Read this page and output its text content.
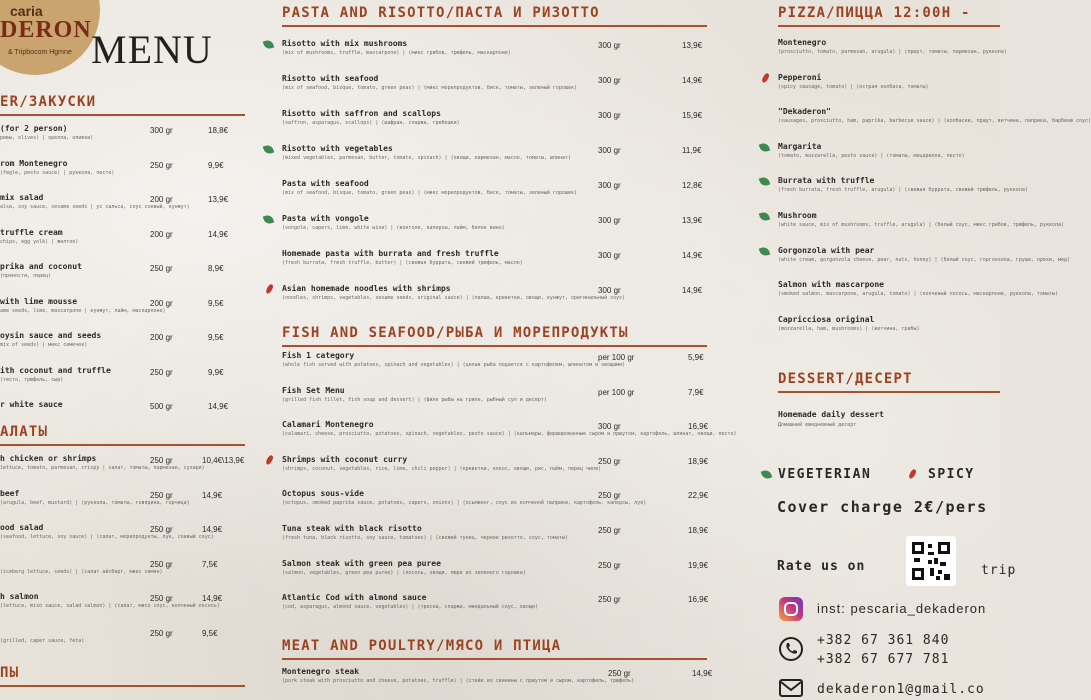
caria
DERON
& Tripbocom Hgmne MENU
ER/ЗАКУСКИ
(for 2 person)
ривы, olives) | орелла, оливки)
300 gr	18,8€
rom Montenegro
(fegle, pesto sauce) | руккола, песто)
250 gr	9,9€
mix salad
alsa, soy sauce, sesame seeds | ус сальса, соус соевый, кунжут)
200 gr	13,9€
truffle cream
chips, egg yolk) | желток)
200 gr	14,9€
prika and coconut
(пряности, перец)
250 gr	8,9€
with lime mousse
ame seeds, lime, mascarpone | кунжут, лайм, маскарпоне)
200 gr	9,5€
oysin sauce and seeds
mix of seeds) | микс семечек)
200 gr	9,5€
ith coconut and truffle
(тесто, трюфель, сыр)
250 gr	9,9€
r white sauce	500 gr	14,9€
АЛАТЫ
h chicken or shrimps
lettuce, tomato, parmesan, crispy | салат, томаты, пармезан, сухари)
250 gr	10,4€\13,9€
beef
(arugula, beef, mustard) | (руккола, томаты, говядина, горчица)
250 gr	14,9€
ood salad
(seafood, lettuce, soy sauce) | (салат, морепродукты, лук, соевый соус)
250 gr	14,9€
(iceberg lettuce, seeds) | (салат айсберг, микс семян)
250 gr	7,5€
h salmon
(lettuce, miso sauce, salad salmon) | (салат, мисо соус, копченый лосось)
250 gr	14,9€
(grilled, caper sauce, feta)
250 gr	9,5€
ПЫ
PASTA AND RISOTTO/ПАСТА И РИЗОТТО
Risotto with mix mushrooms
(mix of mushrooms, truffle, mascarpone) | (микс грибов, трюфель, маскарпоне)
300 gr	13,9€
Risotto with seafood
(mix of seafood, bisque, tomato, green peas) | (микс морепродуктов, биск, томаты, зеленый горошек)
300 gr	14,9€
Risotto with saffron and scallops
(saffron, asparagus, scallops) | (шафран, спаржа, гребешки)
300 gr	15,9€
Risotto with vegetables
(mixed vegetables, parmesan, butter, tomato, spinach) | (овощи, пармезан, масло, томаты, шпинат)
300 gr	11,9€
Pasta with seafood
(mix of seafood, bisque, tomato, green peas) | (микс морепродуктов, биск, томаты, зеленый горошек)
300 gr	12,8€
Pasta with vongole
(vongole, capers, lime, white wine) | (вонголе, каперсы, лайм, белое вино)
300 gr	13,9€
Homemade pasta with burrata and fresh truffle
(fresh burrata, fresh truffle, butter) | (свежая буррата, свежий трюфель, масло)
300 gr	14,9€
Asian homemade noodles with shrimps
(noodles, shrimps, vegetables, sesame seeds, original sauce) | (лапша, креветки, овощи, кунжут, оригинальный соус)
300 gr	14,9€
FISH AND SEAFOOD/РЫБА И МОРЕПРОДУКТЫ
Fish 1 category
(whole fish served with potatoes, spinach and vegetables) | (целая рыба подается с картофелем, шпинатом и овощами)
per 100 gr	5,9€
Fish Set Menu
(grilled fish fillet, fish soup and dessert) | (филе рыбы на гриле, рыбный суп и десерт)
per 100 gr	7,9€
Calamari Montenegro
(calamari, cheese, prosciutto, potatoes, spinach, vegetables, pesto sauce) | (кальмары, фаршированные сыром и пршутом, картофель, шпинат, овощи, песто)
300 gr	16,9€
Shrimps with coconut curry
(shrimps, coconut, vegetables, rice, lime, chili pepper) | (креветки, кокос, овощи, рис, лайм, перец чили)
250 gr	18,9€
Octopus sous-vide
(octopus, smoked paprika sauce, potatoes, capers, onions) | (осьминог, соус из копченой паприки, картофель, каперсы, лук)
250 gr	22,9€
Tuna steak with black risotto
(fresh tuna, black risotto, soy sauce, tomatoes) | (свежий тунец, черное ризотто, соус, томаты)
250 gr	18,9€
Salmon steak with green pea puree
(salmon, vegetables, green pea puree) | (лосось, овощи, пюре из зеленого горошка)
250 gr	19,9€
Atlantic Cod with almond sauce
(cod, asparagus, almond sauce, vegetables) | (треска, спаржа, миндальный соус, овощи)
250 gr	16,9€
MEAT AND POULTRY/МЯСО И ПТИЦА
Montenegro steak
(pork steak with prosciutto and cheese, potatoes, truffle) | (стейк из свинины с пршутом и сыром, картофель, трюфель)
250 gr	14,9€
PIZZA/ПИЦЦА 12:00H -
Montenegro
(prosciutto, tomato, parmesan, arugula) | (пршут, томаты, пармезан, руккола)
Pepperoni
(spicy sausage, tomato) | (острая колбаса, томаты)
"Dekaderon"
(sausages, prosciutto, ham, paprika, barbecue sauce) | (колбаски, пршут, ветчина, паприка, барбекю соус)
Margarita
(tomato, mozzarella, pesto sauce) | (томаты, моцарелла, песто)
Burrata with truffle
(fresh burrata, fresh truffle, arugula) | (свежая буррата, свежий трюфель, руккола)
Mushroom
(white sauce, mix of mushrooms, truffle, arugula) | (белый соус, микс грибов, трюфель, руккола)
Gorgonzola with pear
(white cream, gorgonzola cheese, pear, nuts, honey) | (белый соус, горгонзола, груша, орехи, мед)
Salmon with mascarpone
(smoked salmon, mascarpone, arugula, tomato) | (копченый лосось, маскарпоне, руккола, томаты)
Capricciosa original
(mozzarella, ham, mushrooms) | (ветчина, грибы)
DESSERT/ДЕСЕРТ
Homemade daily dessert
Домашний ежедневный десерт
VEGETERIAN	SPICY
Cover charge 2€/pers
Rate us on	trip
inst: pescaria_dekaderon
+382 67 361 840
+382 67 677 781
dekaderon1@gmail.co
